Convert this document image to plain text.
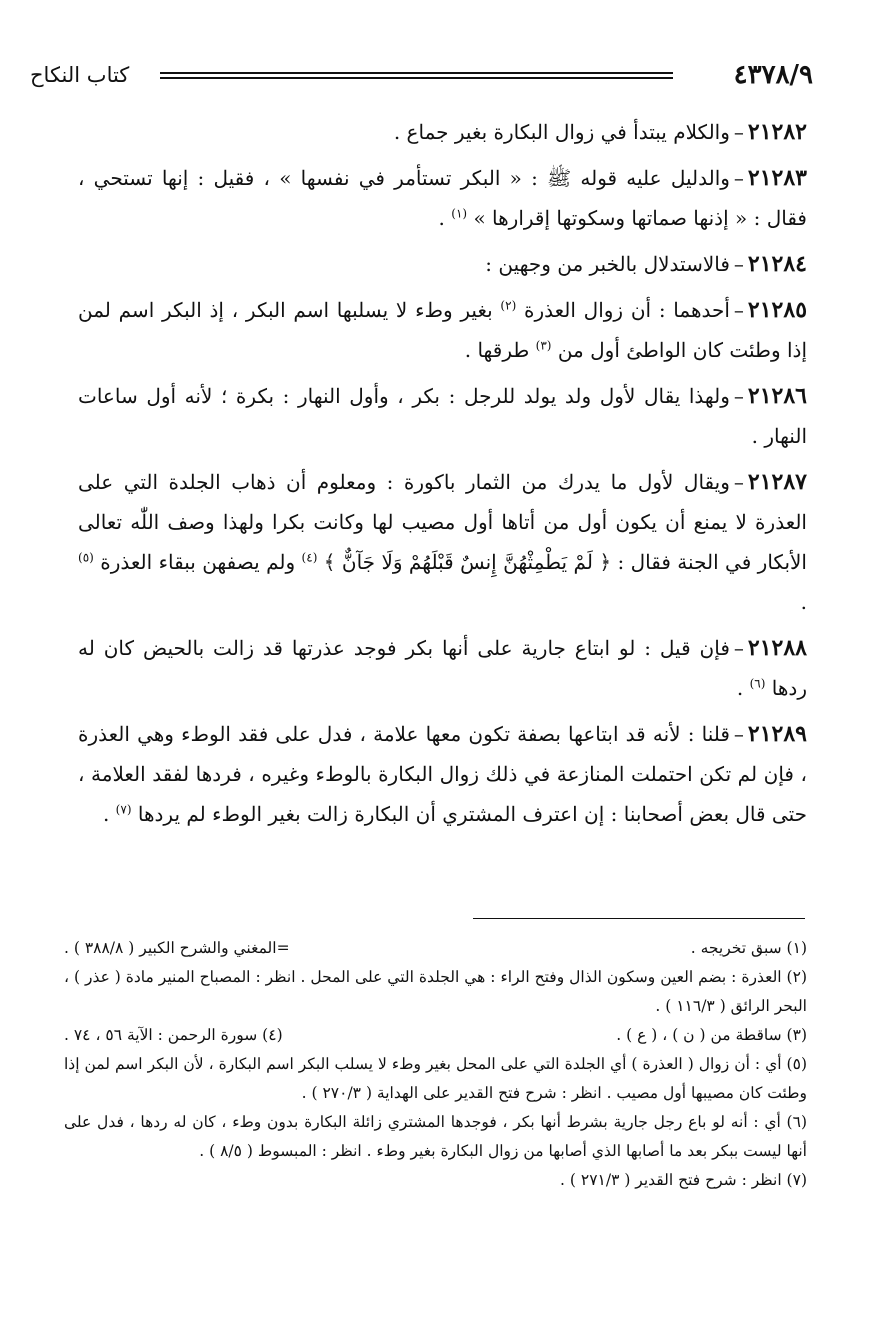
٤٣٧٨/٩
كتاب النكاح

٢١٢٨٢–والكلام يبتدأ في زوال البكارة بغير جماع .

٢١٢٨٣–والدليل عليه قوله ﷺ : « البكر تستأمر في نفسها » ، فقيل : إنها تستحي ، فقال : « إذنها صماتها وسكوتها إقرارها » $^{(١)}$ .

٢١٢٨٤–فالاستدلال بالخبر من وجهين :

٢١٢٨٥–أحدهما : أن زوال العذرة $^{(٢)}$ بغير وطء لا يسلبها اسم البكر ، إذ البكر اسم لمن إذا وطئت كان الواطئ أول من $^{(٣)}$ طرقها .

٢١٢٨٦–ولهذا يقال لأول ولد يولد للرجل : بكر ، وأول النهار : بكرة ؛ لأنه أول ساعات النهار .

٢١٢٨٧–ويقال لأول ما يدرك من الثمار باكورة : ومعلوم أن ذهاب الجلدة التي على العذرة لا يمنع أن يكون أول من أتاها أول مصيب لها وكانت بكرا ولهذا وصف اللّٰه تعالى الأبكار في الجنة فقال : ﴿ لَمْ يَطْمِثْهُنَّ إِنسٌ قَبْلَهُمْ وَلَا جَآنٌّ ﴾ $^{(٤)}$ ولم يصفهن ببقاء العذرة $^{(٥)}$ .

٢١٢٨٨–فإن قيل : لو ابتاع جارية على أنها بكر فوجد عذرتها قد زالت بالحيض كان له ردها $^{(٦)}$ .

٢١٢٨٩–قلنا : لأنه قد ابتاعها بصفة تكون معها علامة ، فدل على فقد الوطء وهي العذرة ، فإن لم تكن احتملت المنازعة في ذلك زوال البكارة بالوطء وغيره ، فردها لفقد العلامة ، حتى قال بعض أصحابنا : إن اعترف المشتري أن البكارة زالت بغير الوطء لم يردها $^{(٧)}$ .

(١) سبق تخريجه .
=المغني والشرح الكبير ( ٣٨٨/٨ ) .

(٢) العذرة : بضم العين وسكون الذال وفتح الراء : هي الجلدة التي على المحل . انظر : المصباح المنير مادة ( عذر ) ، البحر الرائق ( ١١٦/٣ ) .

(٣) ساقطة من ( ن ) ، ( ع ) .
(٤) سورة الرحمن : الآية ٥٦ ، ٧٤ .

(٥) أي : أن زوال ( العذرة ) أي الجلدة التي على المحل بغير وطء لا يسلب البكر اسم البكارة ، لأن البكر اسم لمن إذا وطئت كان مصيبها أول مصيب . انظر : شرح فتح القدير على الهداية ( ٢٧٠/٣ ) .

(٦) أي : أنه لو باع رجل جارية بشرط أنها بكر ، فوجدها المشتري زائلة البكارة بدون وطء ، كان له ردها ، فدل على أنها ليست ببكر بعد ما أصابها الذي أصابها من زوال البكارة بغير وطء . انظر : المبسوط ( ٨/٥ ) .

(٧) انظر : شرح فتح القدير ( ٢٧١/٣ ) .
